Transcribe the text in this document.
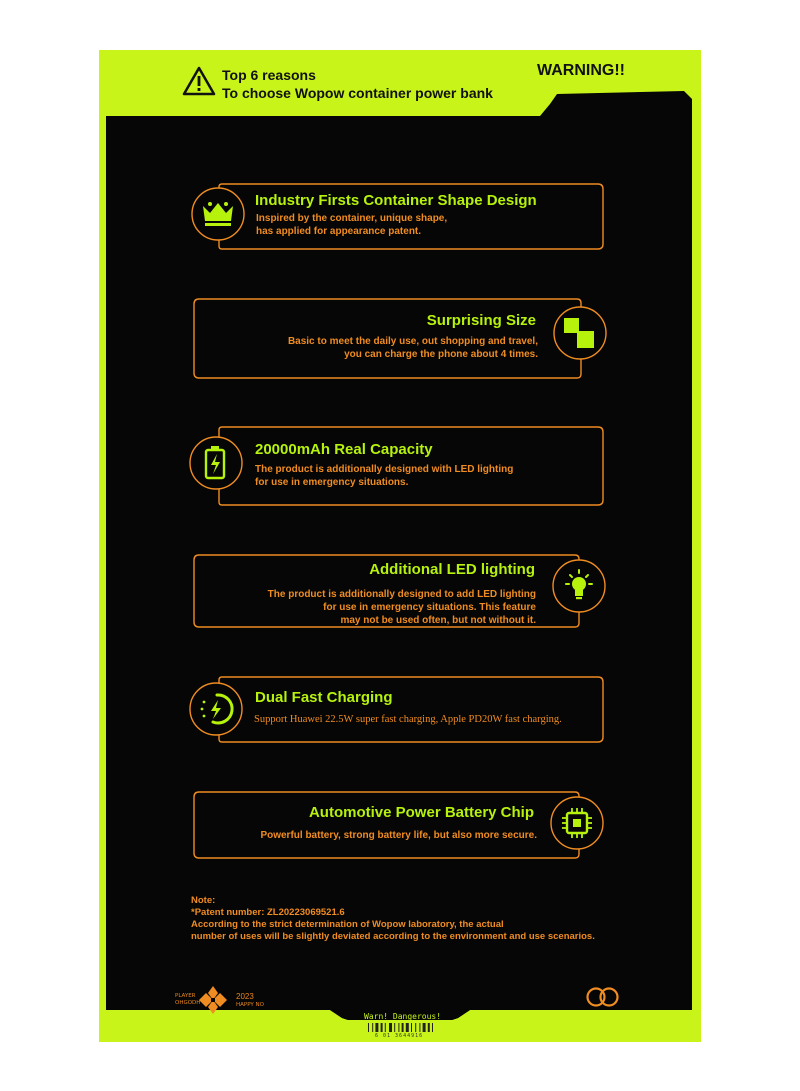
Top 6 reasons
To choose Wopow container power bank
WARNING!!
Industry Firsts Container Shape Design
Inspired by the container, unique shape,
has applied for appearance patent.
Surprising Size
Basic to meet the daily use, out shopping and travel,
you can charge the phone about 4 times.
20000mAh Real Capacity
The product is additionally designed with LED lighting
for use in emergency situations.
Additional LED lighting
The product is additionally designed to add LED lighting
for use in emergency situations. This feature
may not be used often, but not without it.
Dual Fast Charging
Support Huawei 22.5W super fast charging, Apple PD20W fast charging.
Automotive Power Battery Chip
Powerful battery, strong battery life, but also more secure.
Note:
*Patent number: ZL20223069521.6
According to the strict determination of Wopow laboratory, the actual
number of uses will be slightly deviated according to the environment and use scenarios.
PLAYER
OHGODH
2023
HAPPY NO
Warn! Dangerous!
6 01 3644916
